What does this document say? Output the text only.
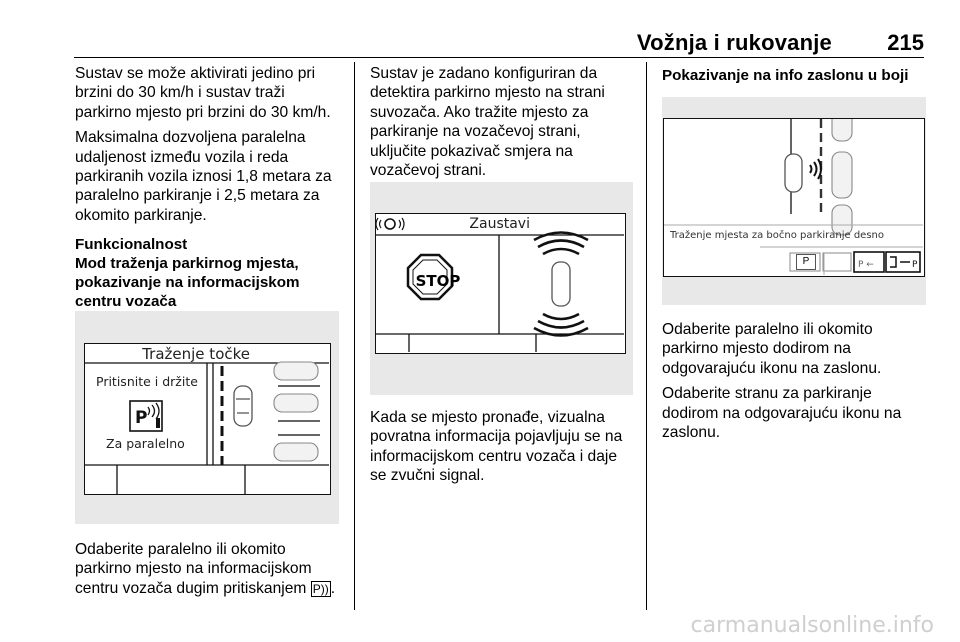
Vožnja i rukovanje	215

Sustav se može aktivirati jedino pri brzini do 30 km/h i sustav traži parkirno mjesto pri brzini do 30 km/h.

Maksimalna dozvoljena paralelna udaljenost između vozila i reda parkiranih vozila iznosi 1,8 metara za paralelno parkiranje i 2,5 metara za okomito parkiranje.

Funkcionalnost
Mod traženja parkirnog mjesta, pokazivanje na informacijskom centru vozača
Traženje točke
P
Pritisnite i držite
Za paralelno

Odaberite paralelno ili okomito parkirno mjesto na informacijskom centru vozača dugim pritiskanjem P)) .

Sustav je zadano konfiguriran da detektira parkirno mjesto na strani suvozača. Ako tražite mjesto za parkiranje na vozačevoj strani, uključite pokazivač smjera na vozačevoj strani.

Zaustavi
STOP

Kada se mjesto pronađe, vizualna povratna informacija pojavljuju se na informacijskom centru vozača i daje se zvučni signal.

Pokazivanje na info zaslonu u boji
P ←	P
Traženje mjesta za bočno parkiranje desno
P

Odaberite paralelno ili okomito parkirno mjesto dodirom na odgovarajuću ikonu na zaslonu.

Odaberite stranu za parkiranje dodirom na odgovarajuću ikonu na zaslonu.

carmanualsonline.info
